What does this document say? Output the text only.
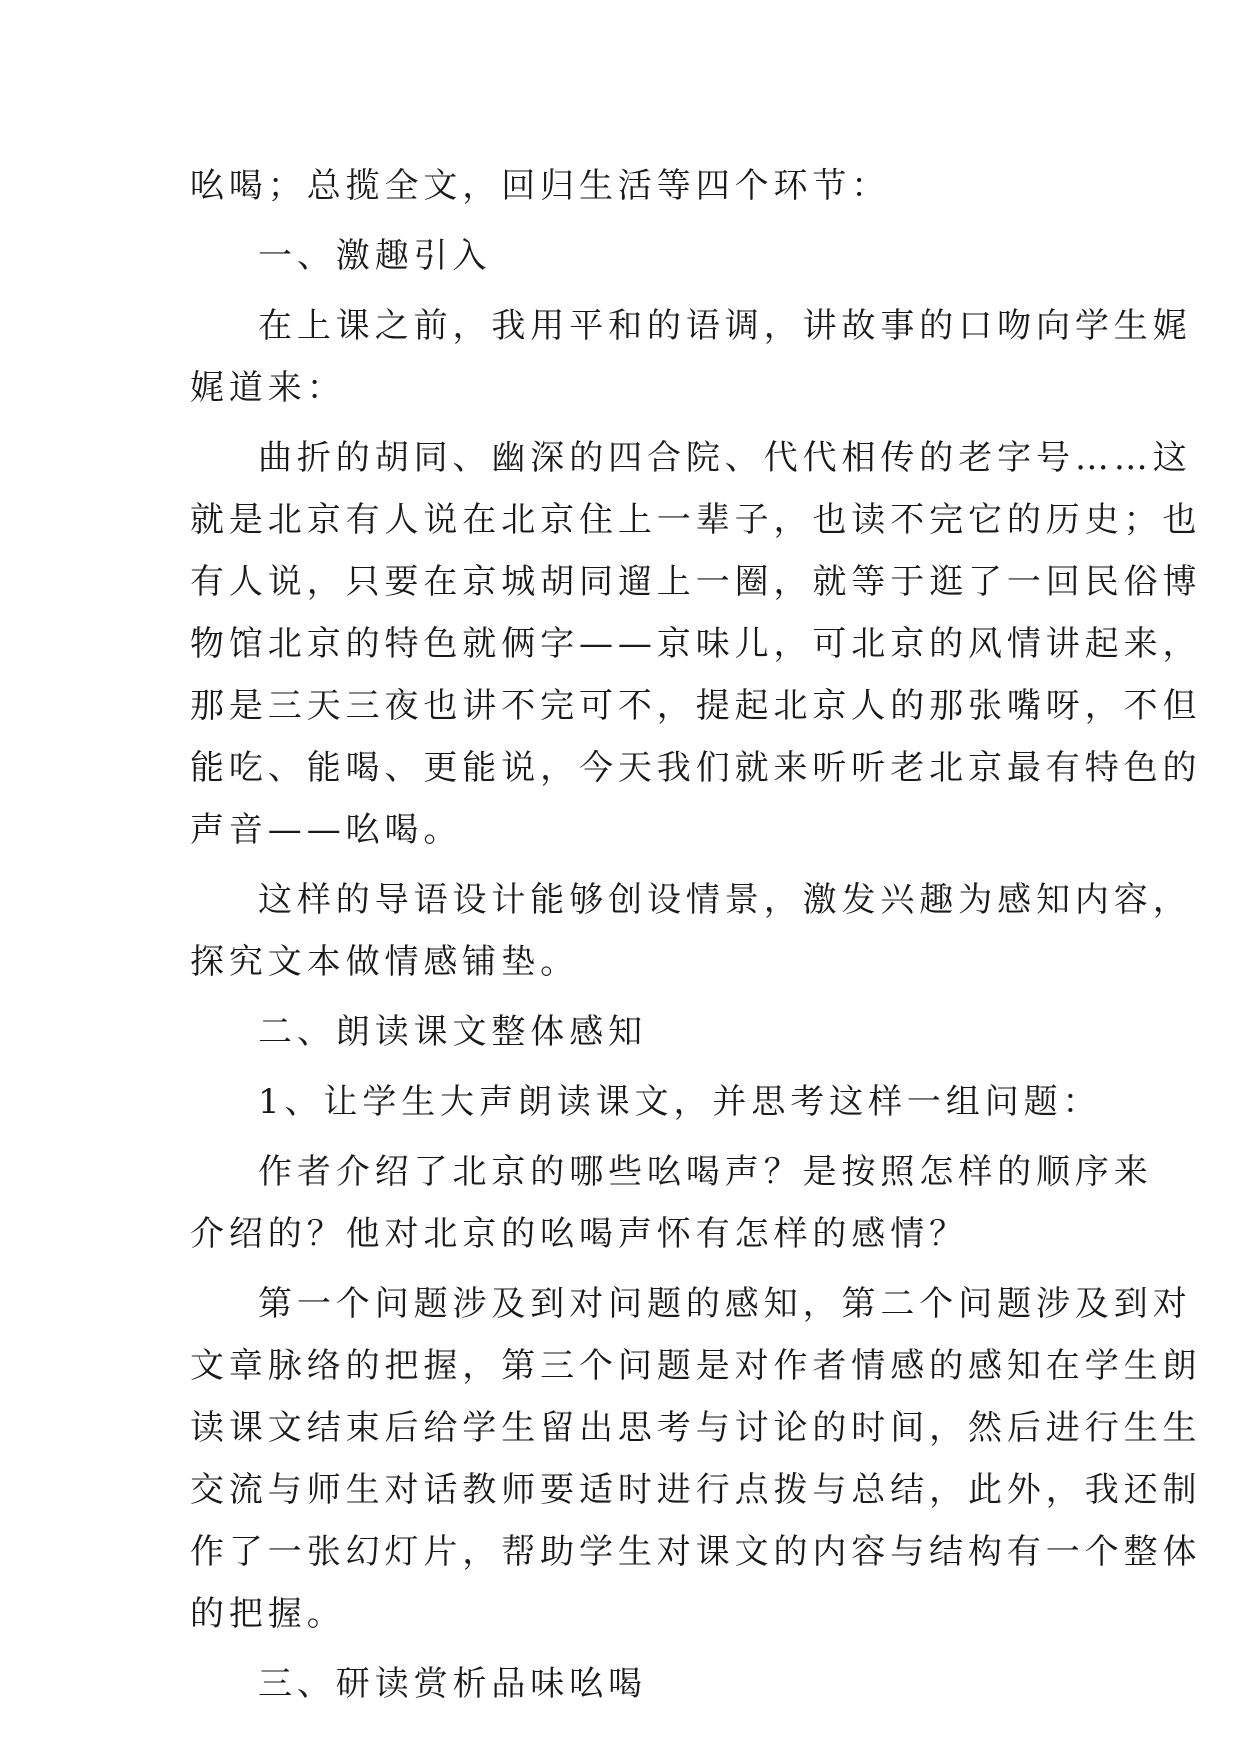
吆喝；总揽全文，回归生活等四个环节：
一、激趣引入
在上课之前，我用平和的语调，讲故事的口吻向学生娓
娓道来：
曲折的胡同、幽深的四合院、代代相传的老字号……这
就是北京有人说在北京住上一辈子，也读不完它的历史；也
有人说，只要在京城胡同遛上一圈，就等于逛了一回民俗博
物馆北京的特色就俩字——京味儿，可北京的风情讲起来，
那是三天三夜也讲不完可不，提起北京人的那张嘴呀，不但
能吃、能喝、更能说，今天我们就来听听老北京最有特色的
声音——吆喝。
这样的导语设计能够创设情景，激发兴趣为感知内容，
探究文本做情感铺垫。
二、朗读课文整体感知
1、让学生大声朗读课文，并思考这样一组问题：
作者介绍了北京的哪些吆喝声？是按照怎样的顺序来
介绍的？他对北京的吆喝声怀有怎样的感情？
第一个问题涉及到对问题的感知，第二个问题涉及到对
文章脉络的把握，第三个问题是对作者情感的感知在学生朗
读课文结束后给学生留出思考与讨论的时间，然后进行生生
交流与师生对话教师要适时进行点拨与总结，此外，我还制
作了一张幻灯片，帮助学生对课文的内容与结构有一个整体
的把握。
三、研读赏析品味吆喝
